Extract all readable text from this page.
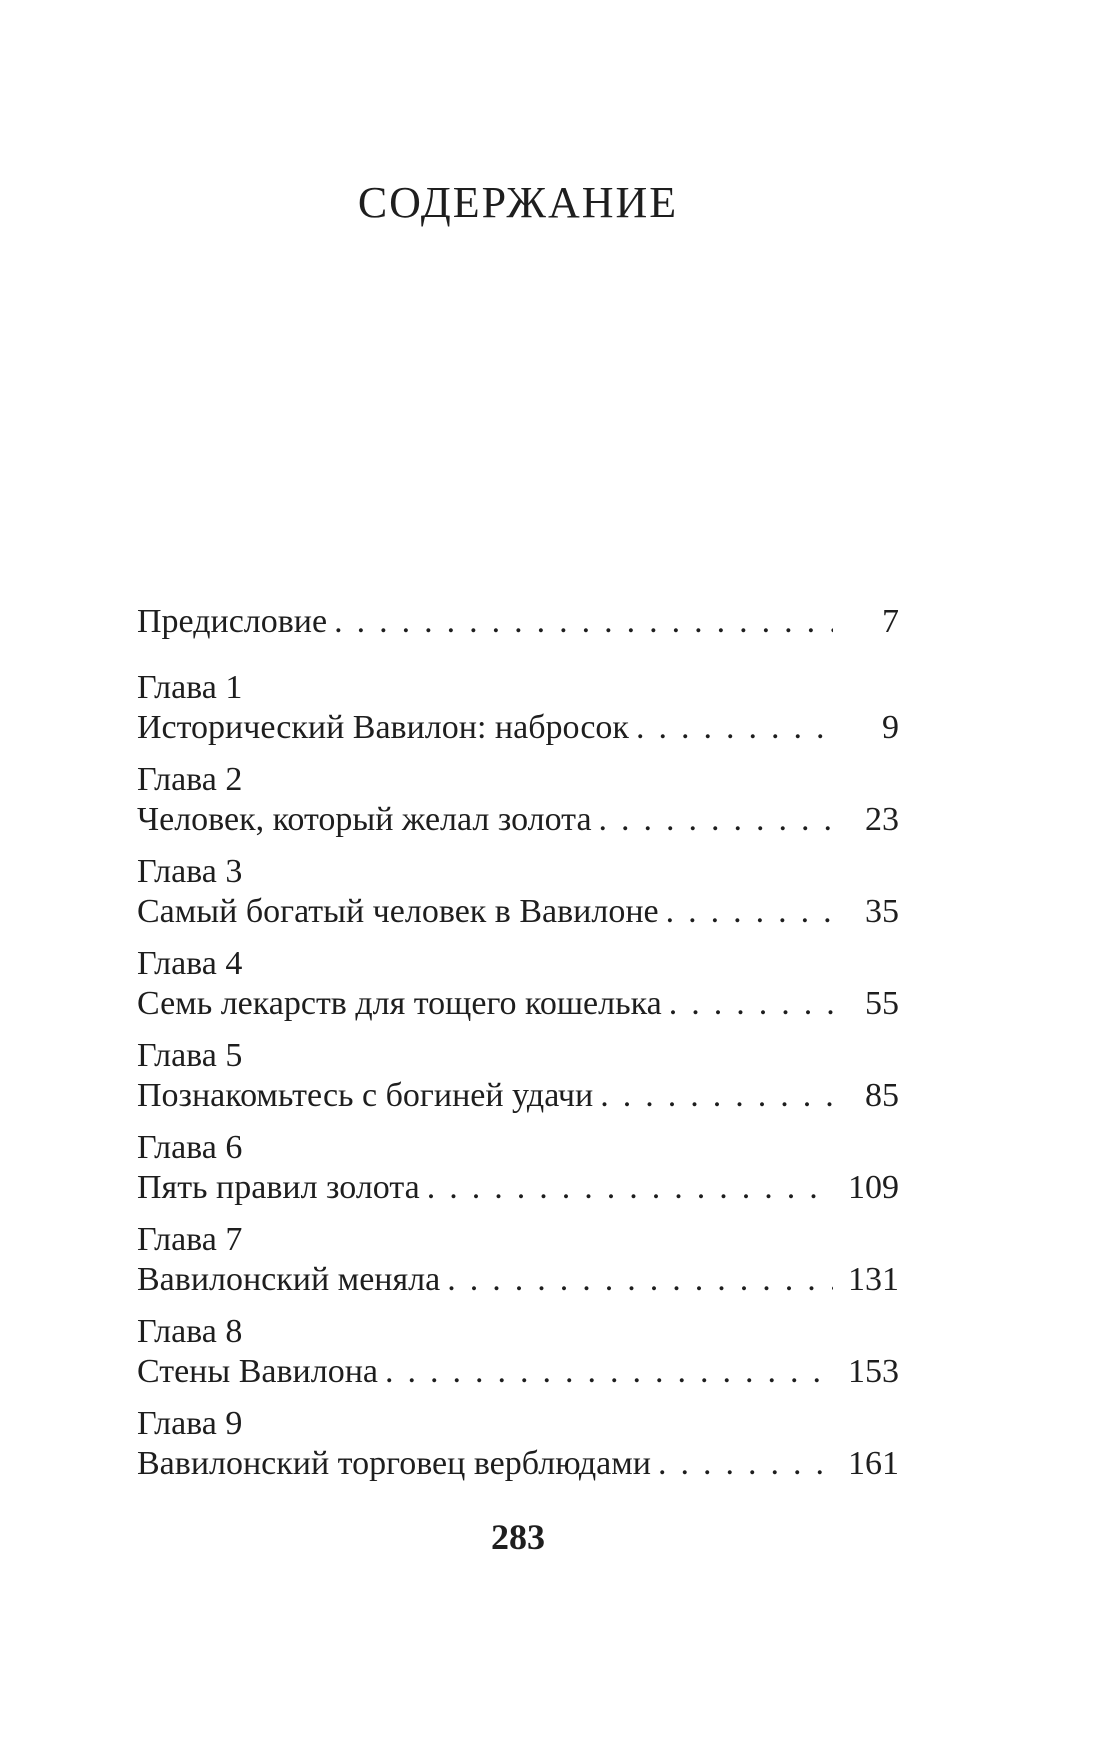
СОДЕРЖАНИЕ
Предисловие .....	7
Глава 1
Исторический Вавилон: набросок .....	9
Глава 2
Человек, который желал золота .....	23
Глава 3
Самый богатый человек в Вавилоне .....	35
Глава 4
Семь лекарств для тощего кошелька .....	55
Глава 5
Познакомьтесь с богиней удачи .....	85
Глава 6
Пять правил золота .....	109
Глава 7
Вавилонский меняла .....	131
Глава 8
Стены Вавилона .....	153
Глава 9
Вавилонский торговец верблюдами .....	161
283
